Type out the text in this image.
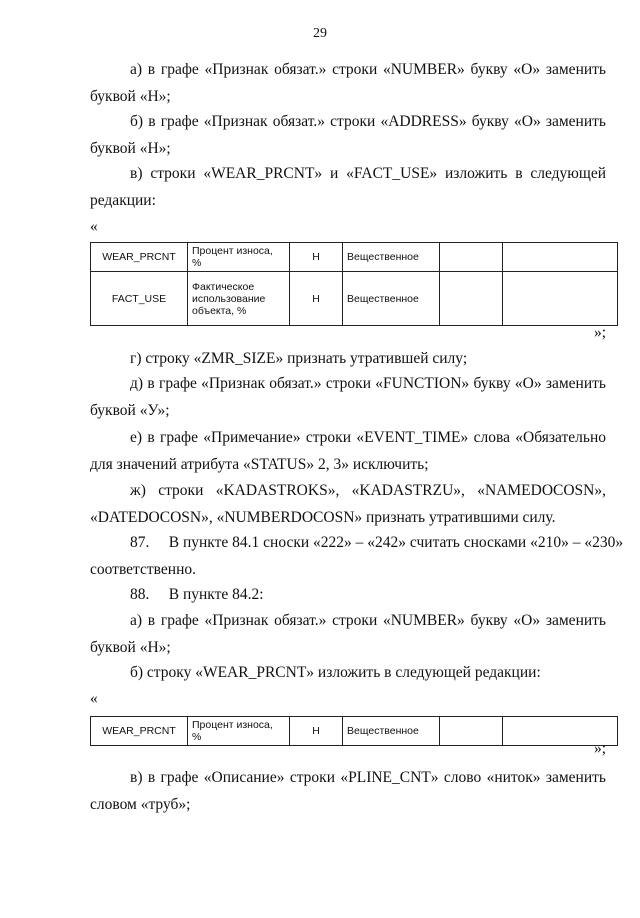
29
а) в графе «Признак обязат.» строки «NUMBER» букву «О» заменить
буквой «Н»;
б) в графе «Признак обязат.» строки «ADDRESS» букву «О» заменить
буквой «Н»;
в) строки «WEAR_PRCNT» и «FACT_USE» изложить в следующей
редакции:
«
WEAR_PRCNT	Процент износа, %	Н	Вещественное		
FACT_USE	Фактическое использование объекта, %	Н	Вещественное		
»;
г) строку «ZMR_SIZE» признать утратившей силу;
д) в графе «Признак обязат.» строки «FUNCTION» букву «О» заменить
буквой «У»;
е) в графе «Примечание» строки «EVENT_TIME» слова «Обязательно
для значений атрибута «STATUS» 2, 3» исключить;
ж) строки «KADASTROKS», «KADASTRZU», «NAMEDOCOSN»,
«DATEDOCOSN», «NUMBERDOCOSN» признать утратившими силу.
87.     В пункте 84.1 сноски «222» – «242» считать сносками «210» – «230»
соответственно.
88.     В пункте 84.2:
а) в графе «Признак обязат.» строки «NUMBER» букву «О» заменить
буквой «Н»;
б) строку «WEAR_PRCNT» изложить в следующей редакции:
«
WEAR_PRCNT	Процент износа, %	Н	Вещественное		
»;
в) в графе «Описание» строки «PLINE_CNT» слово «ниток» заменить
словом «труб»;
